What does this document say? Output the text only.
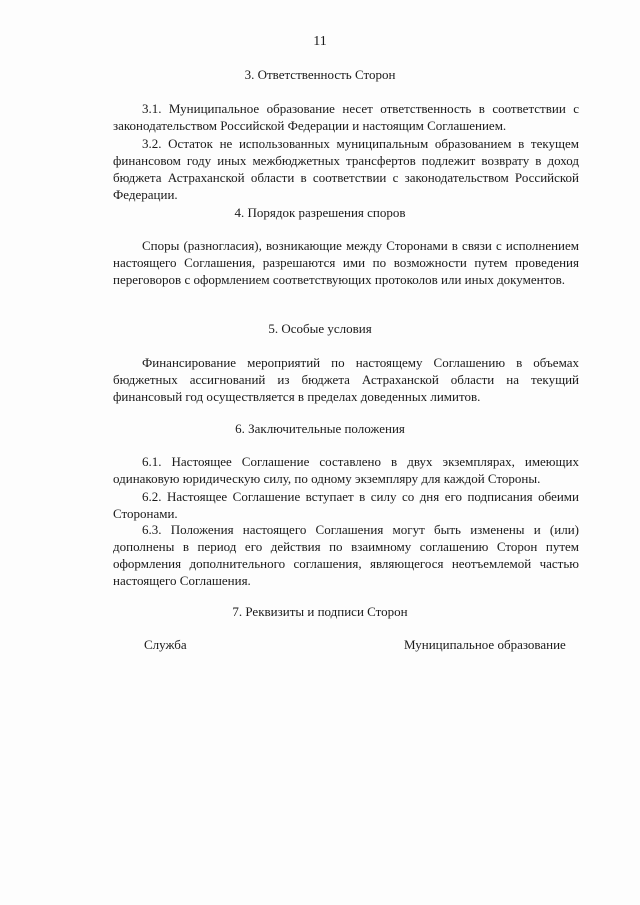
11
3. Ответственность Сторон

3.1. Муниципальное образование несет ответственность в соответствии с законодательством Российской Федерации и настоящим Соглашением.

3.2. Остаток не использованных муниципальным образованием в текущем финансовом году иных межбюджетных трансфертов подлежит возврату в доход бюджета Астраханской области в соответствии с законодательством Российской Федерации.

4. Порядок разрешения споров

Споры (разногласия), возникающие между Сторонами в связи с исполнением настоящего Соглашения, разрешаются ими по возможности путем проведения переговоров с оформлением соответствующих протоколов или иных документов.

5. Особые условия

Финансирование мероприятий по настоящему Соглашению в объемах бюджетных ассигнований из бюджета Астраханской области на текущий финансовый год осуществляется в пределах доведенных лимитов.

6. Заключительные положения

6.1. Настоящее Соглашение составлено в двух экземплярах, имеющих одинаковую юридическую силу, по одному экземпляру для каждой Стороны.

6.2. Настоящее Соглашение вступает в силу со дня его подписания обеими Сторонами.

6.3. Положения настоящего Соглашения могут быть изменены и (или) дополнены в период его действия по взаимному соглашению Сторон путем оформления дополнительного соглашения, являющегося неотъемлемой частью настоящего Соглашения.

7. Реквизиты и подписи Сторон
Служба	Муниципальное образование
